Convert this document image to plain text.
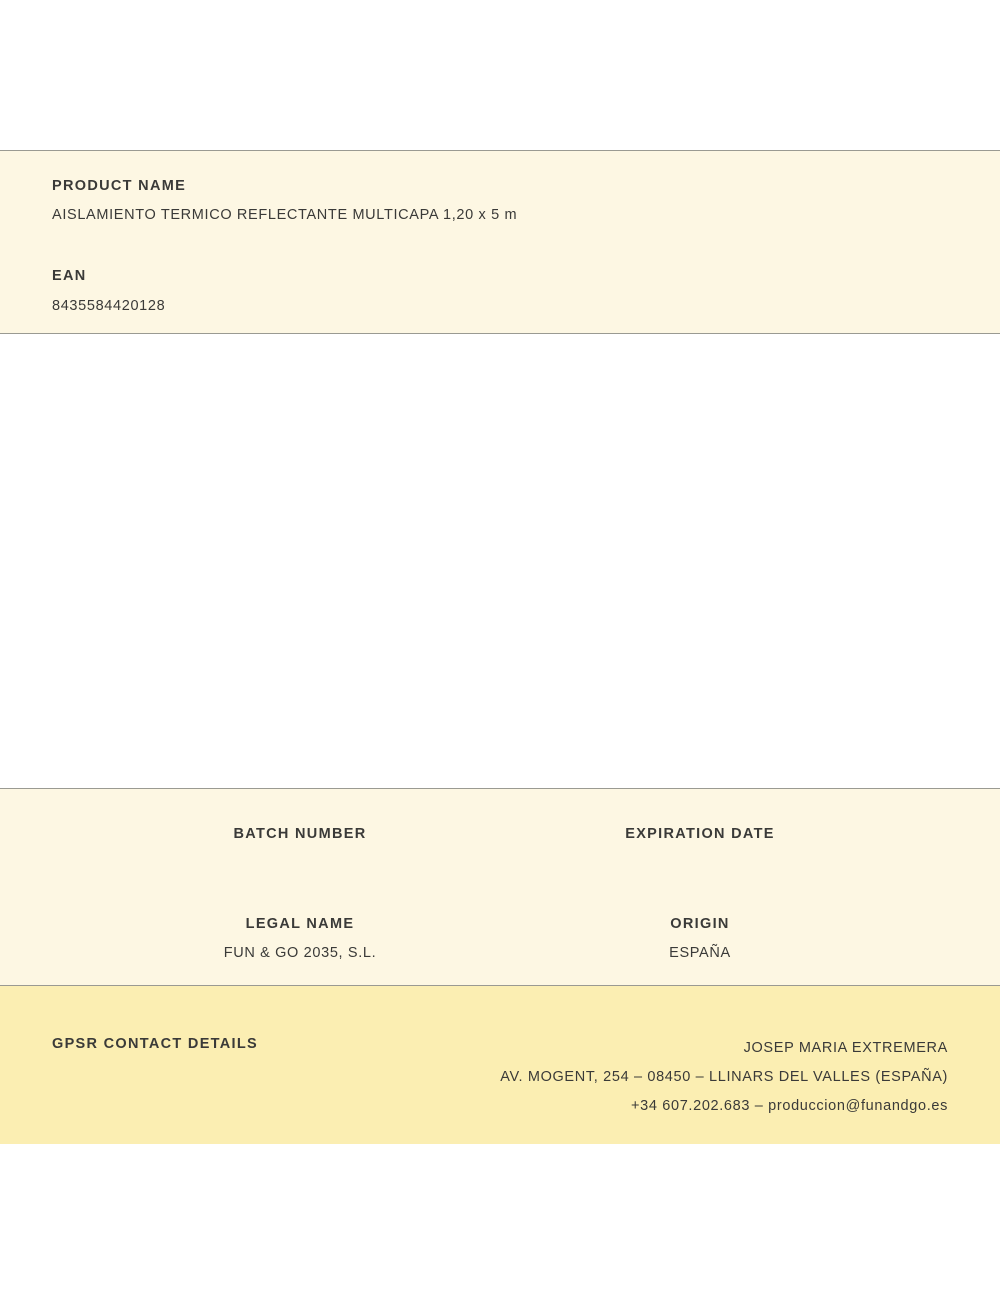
PRODUCT NAME
AISLAMIENTO TERMICO REFLECTANTE MULTICAPA 1,20 x 5 m
EAN
8435584420128
BATCH NUMBER	EXPIRATION DATE
LEGAL NAME
FUN & GO 2035, S.L.
ORIGIN
ESPAÑA
GPSR CONTACT DETAILS	JOSEP MARIA EXTREMERA
AV. MOGENT, 254 – 08450 – LLINARS DEL VALLES (ESPAÑA)
+34 607.202.683 – produccion@funandgo.es
